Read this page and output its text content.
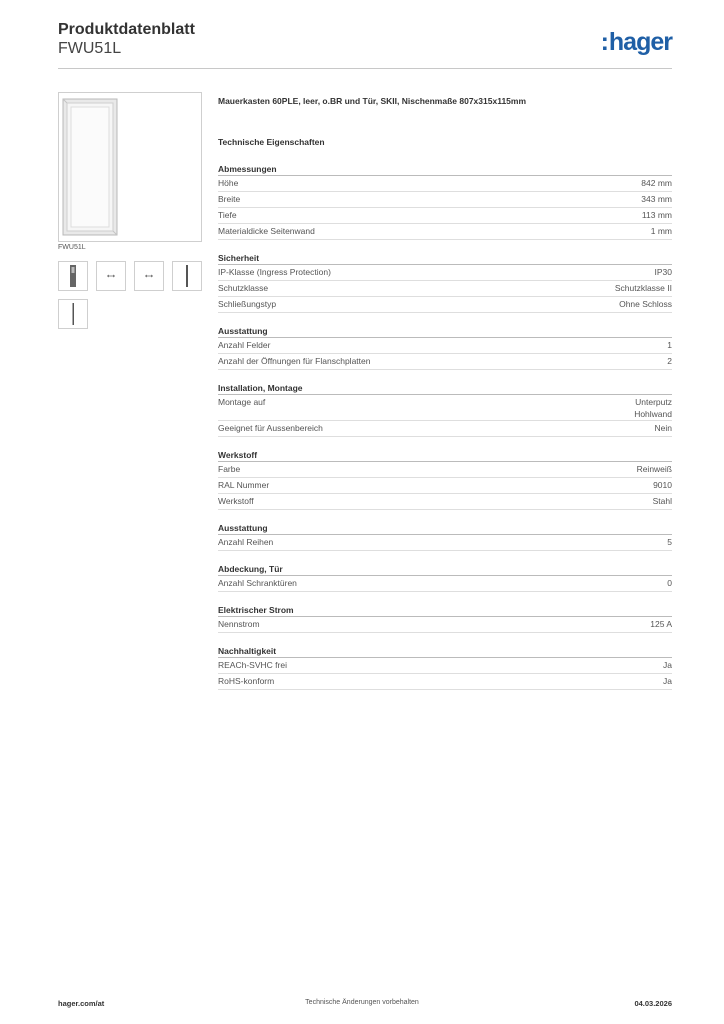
Produktdatenblatt
FWU51L	:hager
FWU51L
Mauerkasten 60PLE, leer, o.BR und Tür, SKII, Nischenmaße 807x315x115mm
Technische Eigenschaften
Abmessungen
Höhe	842 mm
Breite	343 mm
Tiefe	113 mm
Materialdicke Seitenwand	1 mm
Sicherheit
IP-Klasse (Ingress Protection)	IP30
Schutzklasse	Schutzklasse II
Schließungstyp	Ohne Schloss
Ausstattung
Anzahl Felder	1
Anzahl der Öffnungen für Flanschplatten	2
Installation, Montage
Montage auf	Unterputz
Hohlwand
Geeignet für Aussenbereich	Nein
Werkstoff
Farbe	Reinweiß
RAL Nummer	9010
Werkstoff	Stahl
Ausstattung
Anzahl Reihen	5
Abdeckung, Tür
Anzahl Schranktüren	0
Elektrischer Strom
Nennstrom	125 A
Nachhaltigkeit
REACh-SVHC frei	Ja
RoHS-konform	Ja
hager.com/at	Technische Änderungen vorbehalten	04.03.2026
